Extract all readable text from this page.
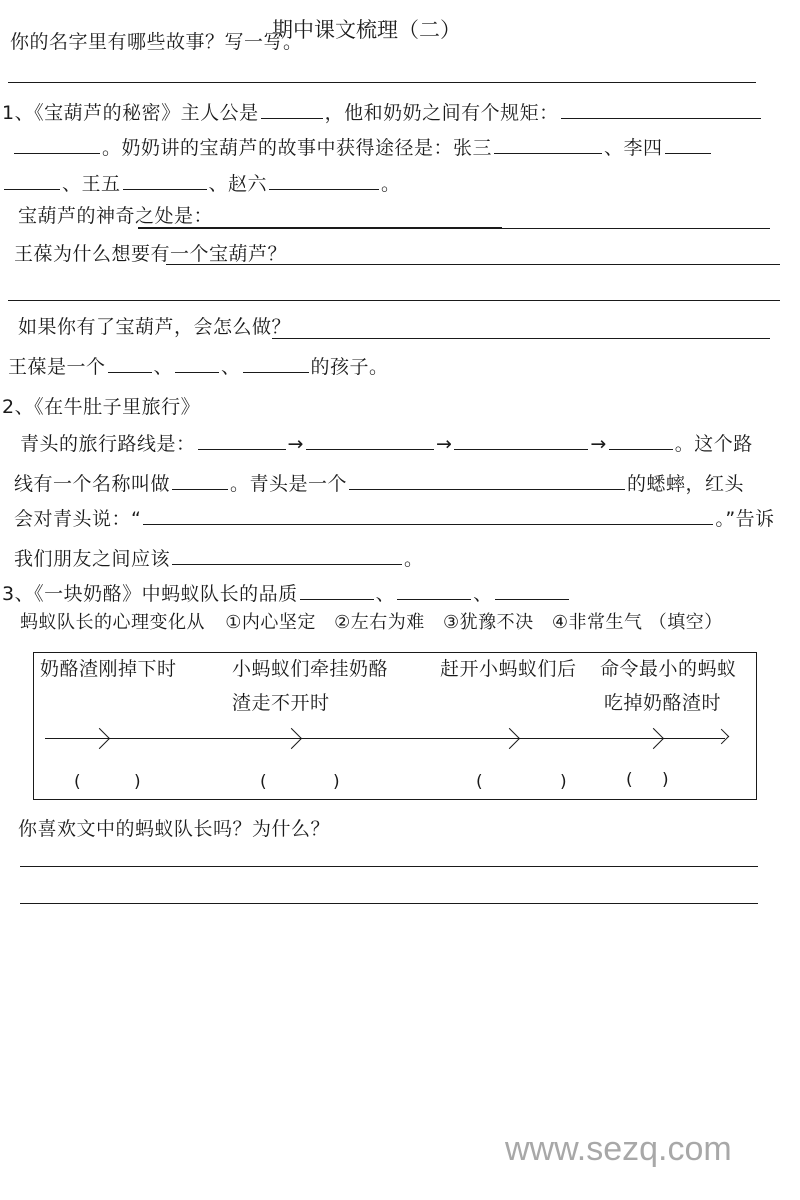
你的名字里有哪些故事？写一写。
期中课文梳理（二）
1、《宝葫芦的秘密》主人公是	，他和奶奶之间有个规矩：
。奶奶讲的宝葫芦的故事中获得途径是：张三	、李四
、王五	、赵六	。
宝葫芦的神奇之处是：
王葆为什么想要有一个宝葫芦？
如果你有了宝葫芦，会怎么做？
王葆是一个	、	、	的孩子。
2、《在牛肚子里旅行》
青头的旅行路线是：	→	→	→	。这个路
线有一个名称叫做	。青头是一个	的蟋蟀，红头
会对青头说：“	。”告诉
我们朋友之间应该	。
3、《一块奶酪》中蚂蚁队长的品质	、	、
蚂蚁队长的心理变化从 ①内心坚定 ②左右为难 ③犹豫不决 ④非常生气 （填空）
奶酪渣刚掉下时	小蚂蚁们牵挂奶酪
渣走不开时
赶开小蚂蚁们后 命令最小的蚂蚁
吃掉奶酪渣时
(	)	(	)	(	)	( )
你喜欢文中的蚂蚁队长吗？为什么？
www.sezq.com
